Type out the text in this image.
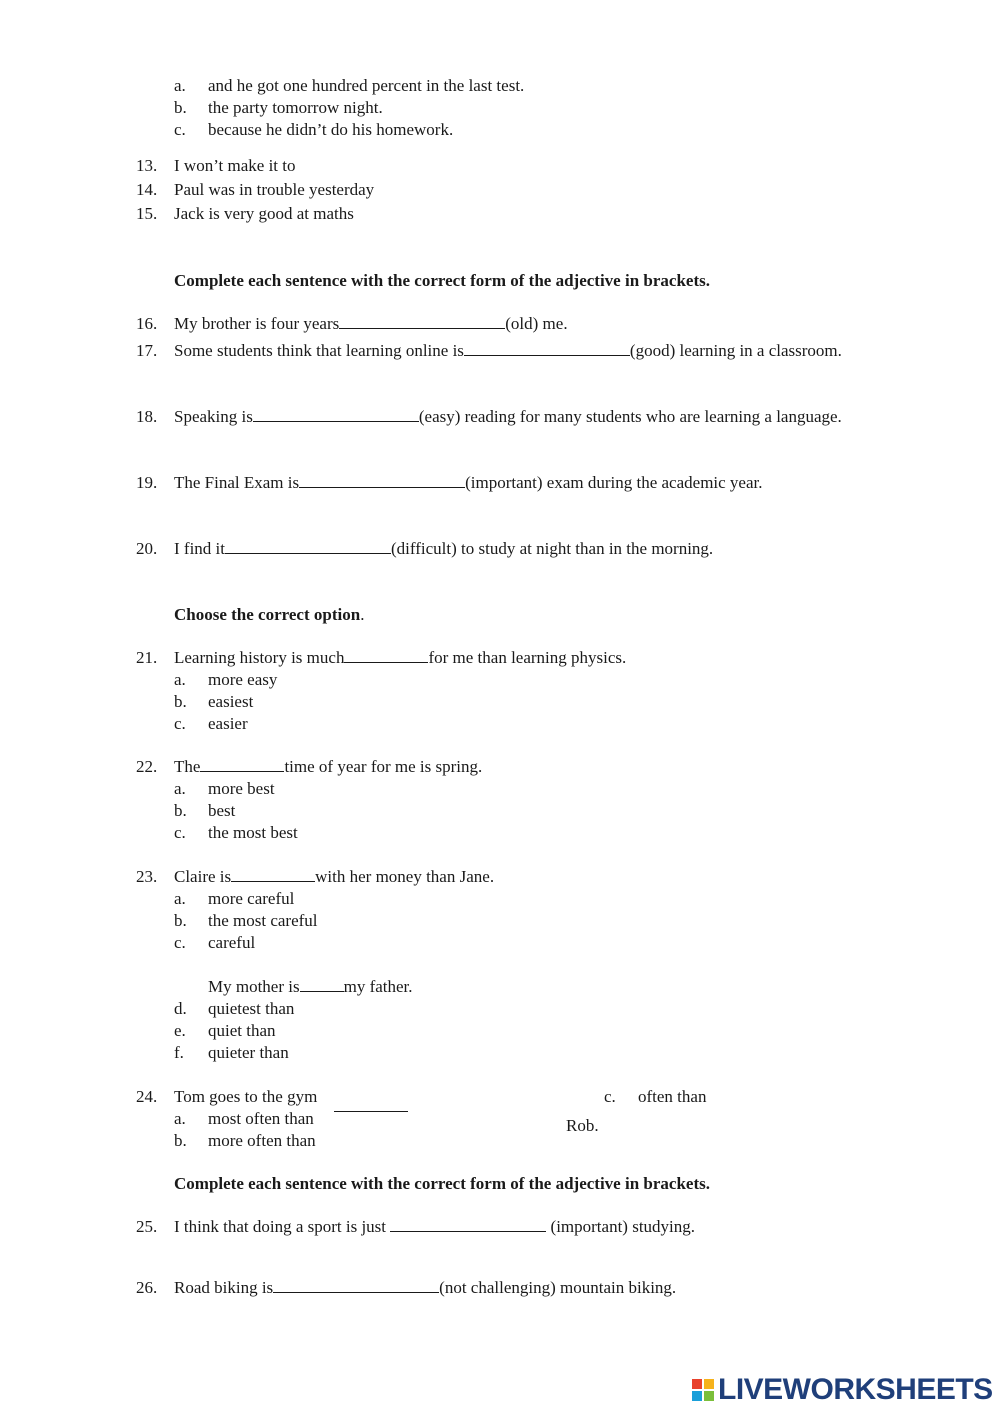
a. and he got one hundred percent in the last test.
b. the party tomorrow night.
c. because he didn’t do his homework.
13. I won’t make it to
14. Paul was in trouble yesterday
15. Jack is very good at maths
Complete each sentence with the correct form of the adjective in brackets.
16. My brother is four years	(old) me.
17. Some students think that learning online is	(good) learning in a classroom.
18. Speaking is	(easy) reading for many students who are learning a language.
19. The Final Exam is	(important) exam during the academic year.
20. I find it	(difficult) to study at night than in the morning.
Choose the correct option.
21. Learning history is much	for me than learning physics.
a. more easy
b. easiest
c. easier
22. The	time of year for me is spring.
a. more best
b. best
c. the most best
23. Claire is	with her money than Jane.
a. more careful
b. the most careful
c. careful
My mother is	my father.
d. quietest than
e. quiet than
f. quieter than
24. Tom goes to the gym	c. often than
a. most often than	Rob.
b. more often than
Complete each sentence with the correct form of the adjective in brackets.
25. I think that doing a sport is just	(important) studying.
26. Road biking is	(not challenging) mountain biking.
LIVEWORKSHEETS
